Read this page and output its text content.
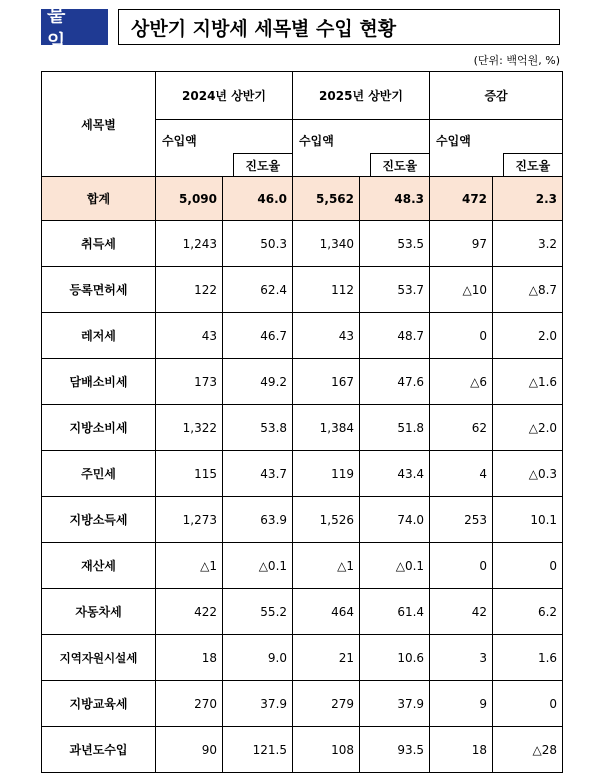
붙 임
상반기 지방세 세목별 수입 현황
(단위: 백억원, %)
세목별	2024년 상반기		2025년 상반기		증감	
	수입액	진도율	수입액	진도율	수입액	진도율

합계	5,090	46.0	5,562	48.3	472	2.3
취득세	1,243	50.3	1,340	53.5	97	3.2
등록면허세	122	62.4	112	53.7	△10	△8.7
레저세	43	46.7	43	48.7	0	2.0
담배소비세	173	49.2	167	47.6	△6	△1.6
지방소비세	1,322	53.8	1,384	51.8	62	△2.0
주민세	115	43.7	119	43.4	4	△0.3
지방소득세	1,273	63.9	1,526	74.0	253	10.1
재산세	△1	△0.1	△1	△0.1	0	0
자동차세	422	55.2	464	61.4	42	6.2
지역자원시설세	18	9.0	21	10.6	3	1.6
지방교육세	270	37.9	279	37.9	9	0
과년도수입	90	121.5	108	93.5	18	△28
